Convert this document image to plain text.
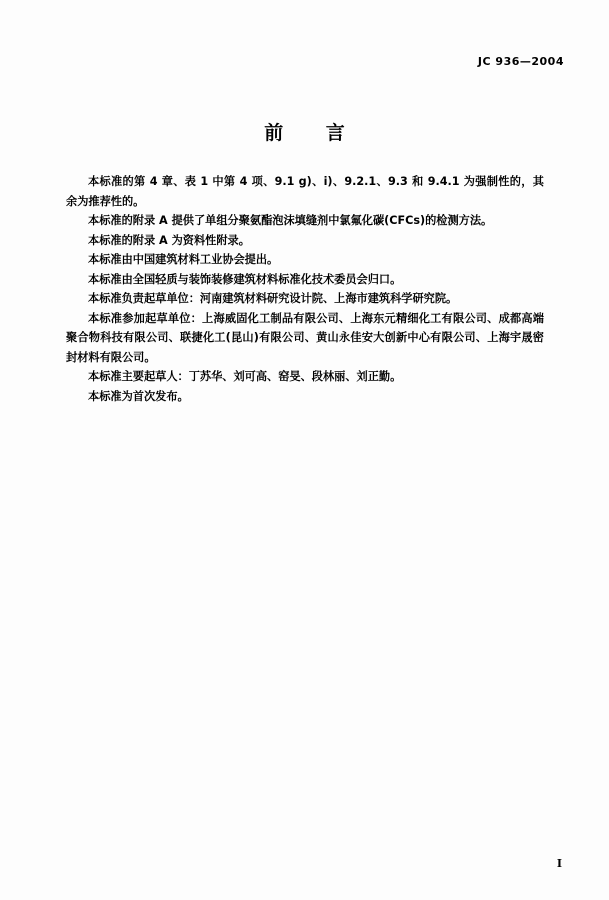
JC 936—2004
前 言

本标准的第 4 章、表 1 中第 4 项、9.1 g)、i)、9.2.1、9.3 和 9.4.1 为强制性的，其余为推荐性的。

本标准的附录 A 提供了单组分聚氨酯泡沫填缝剂中氯氟化碳(CFCs)的检测方法。

本标准的附录 A 为资料性附录。

本标准由中国建筑材料工业协会提出。

本标准由全国轻质与装饰装修建筑材料标准化技术委员会归口。

本标准负责起草单位：河南建筑材料研究设计院、上海市建筑科学研究院。

本标准参加起草单位：上海威固化工制品有限公司、上海东元精细化工有限公司、成都高端聚合物科技有限公司、联捷化工(昆山)有限公司、黄山永佳安大创新中心有限公司、上海宇晟密封材料有限公司。

本标准主要起草人：丁苏华、刘可高、窑旻、段林丽、刘正勤。

本标准为首次发布。

I
